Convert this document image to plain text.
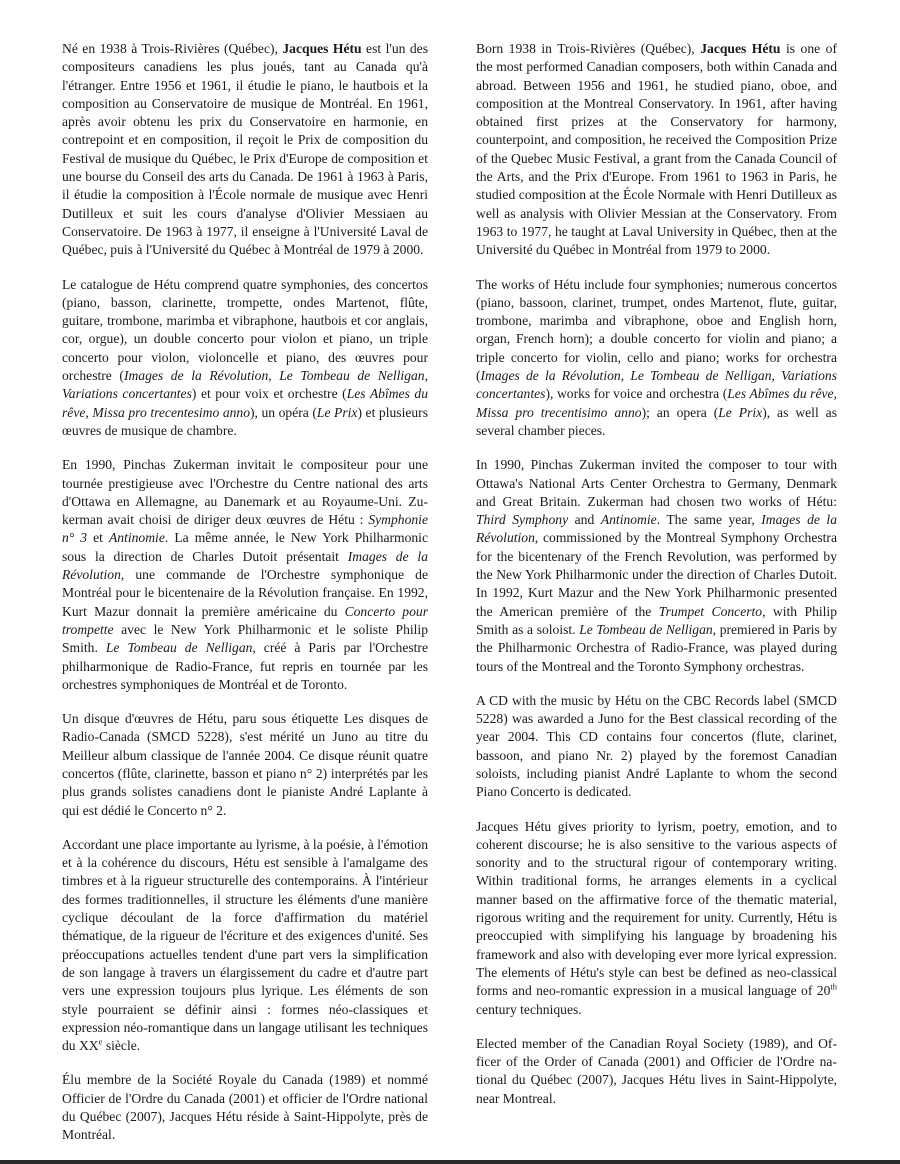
Né en 1938 à Trois-Rivières (Québec), Jacques Hétu est l'un des compositeurs canadiens les plus joués, tant au Canada qu'à l'étranger. Entre 1956 et 1961, il étudie le piano, le hautbois et la composition au Conservatoire de musique de Montréal. En 1961, après avoir obtenu les prix du Conservatoire en harmonie, en contrepoint et en composition, il reçoit le Prix de composition du Festival de musique du Québec, le Prix d'Europe de composition et une bourse du Conseil des arts du Canada. De 1961 à 1963 à Paris, il étudie la composition à l'École normale de musique avec Henri Dutilleux et suit les cours d'analyse d'Olivier Messiaen au Conservatoire. De 1963 à 1977, il enseigne à l'Université Laval de Québec, puis à l'Université du Québec à Montréal de 1979 à 2000.

Le catalogue de Hétu comprend quatre symphonies, des concertos (piano, basson, clarinette, trompette, ondes Martenot, flûte, guitare, trombone, marimba et vibraphone, hautbois et cor anglais, cor, orgue), un double concerto pour violon et piano, un triple concerto pour violon, violoncelle et piano, des œuvres pour orchestre (Images de la Révolution, Le Tombeau de Nelligan, Variations concertantes) et pour voix et orchestre (Les Abîmes du rêve, Missa pro trecentesimo anno), un opéra (Le Prix) et plusieurs œuvres de musique de chambre.

En 1990, Pinchas Zukerman invitait le compositeur pour une tournée prestigieuse avec l'Orchestre du Centre national des arts d'Ottawa en Allemagne, au Danemark et au Royaume-Uni. Zukerman avait choisi de diriger deux œuvres de Hétu : Symphonie n° 3 et Antinomie. La même année, le New York Philharmonic sous la direction de Charles Dutoit présentait Images de la Révolution, une commande de l'Orchestre symphonique de Montréal pour le bicentenaire de la Révolution française. En 1992, Kurt Mazur donnait la première américaine du Concerto pour trompette avec le New York Philharmonic et le soliste Philip Smith. Le Tombeau de Nelligan, créé à Paris par l'Orchestre philharmonique de Radio-France, fut repris en tournée par les orchestres symphoniques de Montréal et de Toronto.

Un disque d'œuvres de Hétu, paru sous étiquette Les disques de Radio-Canada (SMCD 5228), s'est mérité un Juno au titre du Meilleur album classique de l'année 2004. Ce disque réunit quatre concertos (flûte, clarinette, basson et piano n° 2) interprétés par les plus grands solistes canadiens dont le pianiste André Laplante à qui est dédié le Concerto n° 2.

Accordant une place importante au lyrisme, à la poésie, à l'émotion et à la cohérence du discours, Hétu est sensible à l'amalgame des timbres et à la rigueur structurelle des contemporains. À l'intérieur des formes traditionnelles, il structure les éléments d'une manière cyclique découlant de la force d'affirmation du matériel thématique, de la rigueur de l'écriture et des exigences d'unité. Ses préoccupations actuelles tendent d'une part vers la simplification de son langage à travers un élargissement du cadre et d'autre part vers une expression toujours plus lyrique. Les éléments de son style pourraient se définir ainsi : formes néo-classiques et expression néo-romantique dans un langage utilisant les techniques du XXe siècle.

Élu membre de la Société Royale du Canada (1989) et nommé Officier de l'Ordre du Canada (2001) et officier de l'Ordre national du Québec (2007), Jacques Hétu réside à Saint-Hippolyte, près de Montréal.

Born 1938 in Trois-Rivières (Québec), Jacques Hétu is one of the most performed Canadian composers, both within Canada and abroad. Between 1956 and 1961, he studied piano, oboe, and composition at the Montreal Conservatory. In 1961, after having obtained first prizes at the Conservatory for harmony, counterpoint, and composition, he received the Composition Prize of the Quebec Music Festival, a grant from the Canada Council of the Arts, and the Prix d'Europe. From 1961 to 1963 in Paris, he studied composition at the École Normale with Henri Dutilleux as well as analysis with Olivier Messian at the Conservatory. From 1963 to 1977, he taught at Laval University in Québec, then at the Université du Québec in Montréal from 1979 to 2000.

The works of Hétu include four symphonies; numerous concertos (piano, bassoon, clarinet, trumpet, ondes Martenot, flute, guitar, trombone, marimba and vibraphone, oboe and English horn, organ, French horn); a double concerto for violin and piano; a triple concerto for violin, cello and piano; works for orchestra (Images de la Révolution, Le Tombeau de Nelligan, Variations concertantes), works for voice and orchestra (Les Abîmes du rêve, Missa pro trecentisimo anno); an opera (Le Prix), as well as several chamber pieces.

In 1990, Pinchas Zukerman invited the composer to tour with Ottawa's National Arts Center Orchestra to Germany, Denmark and Great Britain. Zukerman had chosen two works of Hétu: Third Symphony and Antinomie. The same year, Images de la Révolution, commissioned by the Montreal Symphony Orchestra for the bicentenary of the French Revolution, was performed by the New York Philharmonic under the direction of Charles Dutoit. In 1992, Kurt Mazur and the New York Philharmonic presented the American première of the Trumpet Concerto, with Philip Smith as a soloist. Le Tombeau de Nelligan, premiered in Paris by the Philharmonic Orchestra of Radio-France, was played during tours of the Montreal and the Toronto Symphony orchestras.

A CD with the music by Hétu on the CBC Records label (SMCD 5228) was awarded a Juno for the Best classical recording of the year 2004. This CD contains four concertos (flute, clarinet, bassoon, and piano Nr. 2) played by the foremost Canadian soloists, including pianist André Laplante to whom the second Piano Concerto is dedicated.

Jacques Hétu gives priority to lyrism, poetry, emotion, and to coherent discourse; he is also sensitive to the various aspects of sonority and to the structural rigour of contemporary writing. Within traditional forms, he arranges elements in a cyclical manner based on the affirmative force of the thematic material, rigorous writing and the requirement for unity. Currently, Hétu is preoccupied with simplifying his language by broadening his framework and also with developing ever more lyrical expression. The elements of Hétu's style can best be defined as neo-classical forms and neo-romantic expression in a musical language of 20th century techniques.

Elected member of the Canadian Royal Society (1989), and Officer of the Order of Canada (2001) and Officier de l'Ordre national du Québec (2007), Jacques Hétu lives in Saint-Hippolyte, near Montreal.
